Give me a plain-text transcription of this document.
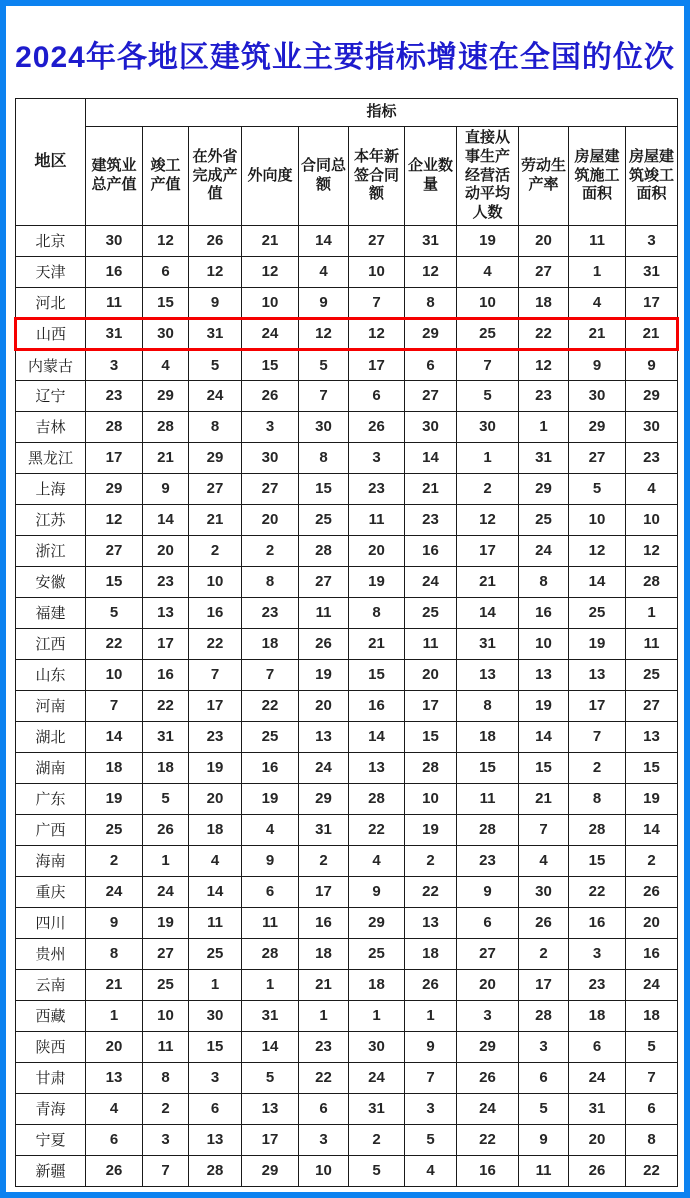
2024年各地区建筑业主要指标增速在全国的位次
地区	指标										
	建筑业总产值	竣工产值	在外省完成产值	外向度	合同总额	本年新签合同额	企业数量	直接从事生产经营活动平均人数	劳动生产率	房屋建筑施工面积	房屋建筑竣工面积
北京	30	12	26	21	14	27	31	19	20	11	3
天津	16	6	12	12	4	10	12	4	27	1	31
河北	11	15	9	10	9	7	8	10	18	4	17
山西	31	30	31	24	12	12	29	25	22	21	21
内蒙古	3	4	5	15	5	17	6	7	12	9	9
辽宁	23	29	24	26	7	6	27	5	23	30	29
吉林	28	28	8	3	30	26	30	30	1	29	30
黑龙江	17	21	29	30	8	3	14	1	31	27	23
上海	29	9	27	27	15	23	21	2	29	5	4
江苏	12	14	21	20	25	11	23	12	25	10	10
浙江	27	20	2	2	28	20	16	17	24	12	12
安徽	15	23	10	8	27	19	24	21	8	14	28
福建	5	13	16	23	11	8	25	14	16	25	1
江西	22	17	22	18	26	21	11	31	10	19	11
山东	10	16	7	7	19	15	20	13	13	13	25
河南	7	22	17	22	20	16	17	8	19	17	27
湖北	14	31	23	25	13	14	15	18	14	7	13
湖南	18	18	19	16	24	13	28	15	15	2	15
广东	19	5	20	19	29	28	10	11	21	8	19
广西	25	26	18	4	31	22	19	28	7	28	14
海南	2	1	4	9	2	4	2	23	4	15	2
重庆	24	24	14	6	17	9	22	9	30	22	26
四川	9	19	11	11	16	29	13	6	26	16	20
贵州	8	27	25	28	18	25	18	27	2	3	16
云南	21	25	1	1	21	18	26	20	17	23	24
西藏	1	10	30	31	1	1	1	3	28	18	18
陕西	20	11	15	14	23	30	9	29	3	6	5
甘肃	13	8	3	5	22	24	7	26	6	24	7
青海	4	2	6	13	6	31	3	24	5	31	6
宁夏	6	3	13	17	3	2	5	22	9	20	8
新疆	26	7	28	29	10	5	4	16	11	26	22
